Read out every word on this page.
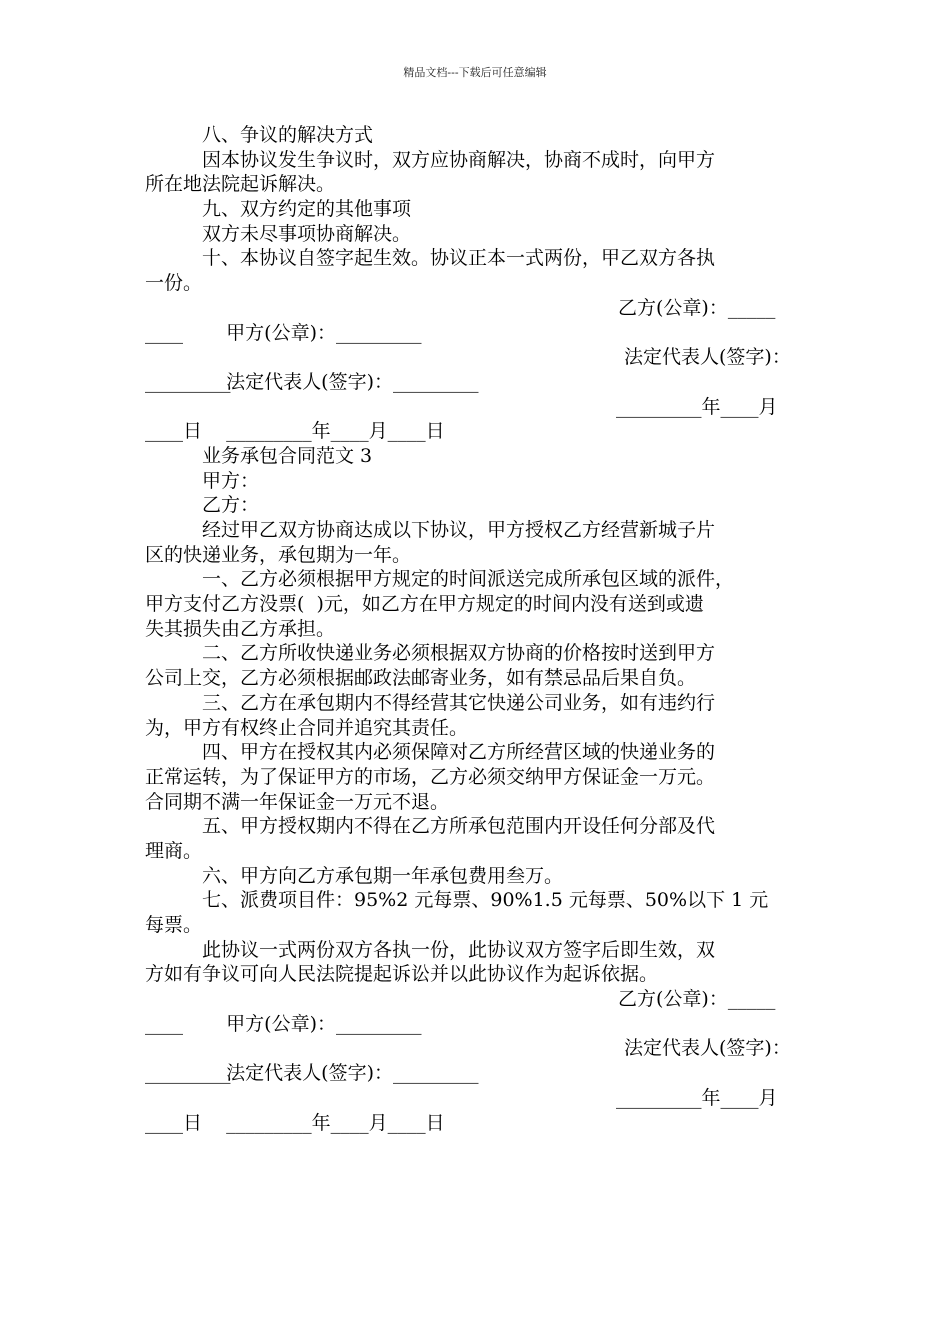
精品文档---下载后可任意编辑
八、争议的解决方式
因本协议发生争议时，双方应协商解决，协商不成时，向甲方
所在地法院起诉解决。
九、双方约定的其他事项
双方未尽事项协商解决。
十、本协议自签字起生效。协议正本一式两份，甲乙双方各执
一份。

甲方(公章)：_________

乙方(公章)：_____

____

法定代表人(签字)：_________

法定代表人(签字)：

_________

_________年____月____日

_________年____月

____日
业务承包合同范文 3
甲方：
乙方：
经过甲乙双方协商达成以下协议，甲方授权乙方经营新城子片
区的快递业务，承包期为一年。
一、乙方必须根据甲方规定的时间派送完成所承包区域的派件，
甲方支付乙方没票(  )元，如乙方在甲方规定的时间内没有送到或遗
失其损失由乙方承担。
二、乙方所收快递业务必须根据双方协商的价格按时送到甲方
公司上交，乙方必须根据邮政法邮寄业务，如有禁忌品后果自负。
三、乙方在承包期内不得经营其它快递公司业务，如有违约行
为，甲方有权终止合同并追究其责任。
四、甲方在授权其内必须保障对乙方所经营区域的快递业务的
正常运转，为了保证甲方的市场，乙方必须交纳甲方保证金一万元。
合同期不满一年保证金一万元不退。
五、甲方授权期内不得在乙方所承包范围内开设任何分部及代
理商。
六、甲方向乙方承包期一年承包费用叁万。
七、派费项目件：95%2 元每票、90%1.5 元每票、50%以下 1 元
每票。
此协议一式两份双方各执一份，此协议双方签字后即生效，双
方如有争议可向人民法院提起诉讼并以此协议作为起诉依据。

甲方(公章)：_________

乙方(公章)：_____

____

法定代表人(签字)：_________

法定代表人(签字)：

_________

_________年____月____日

_________年____月

____日
